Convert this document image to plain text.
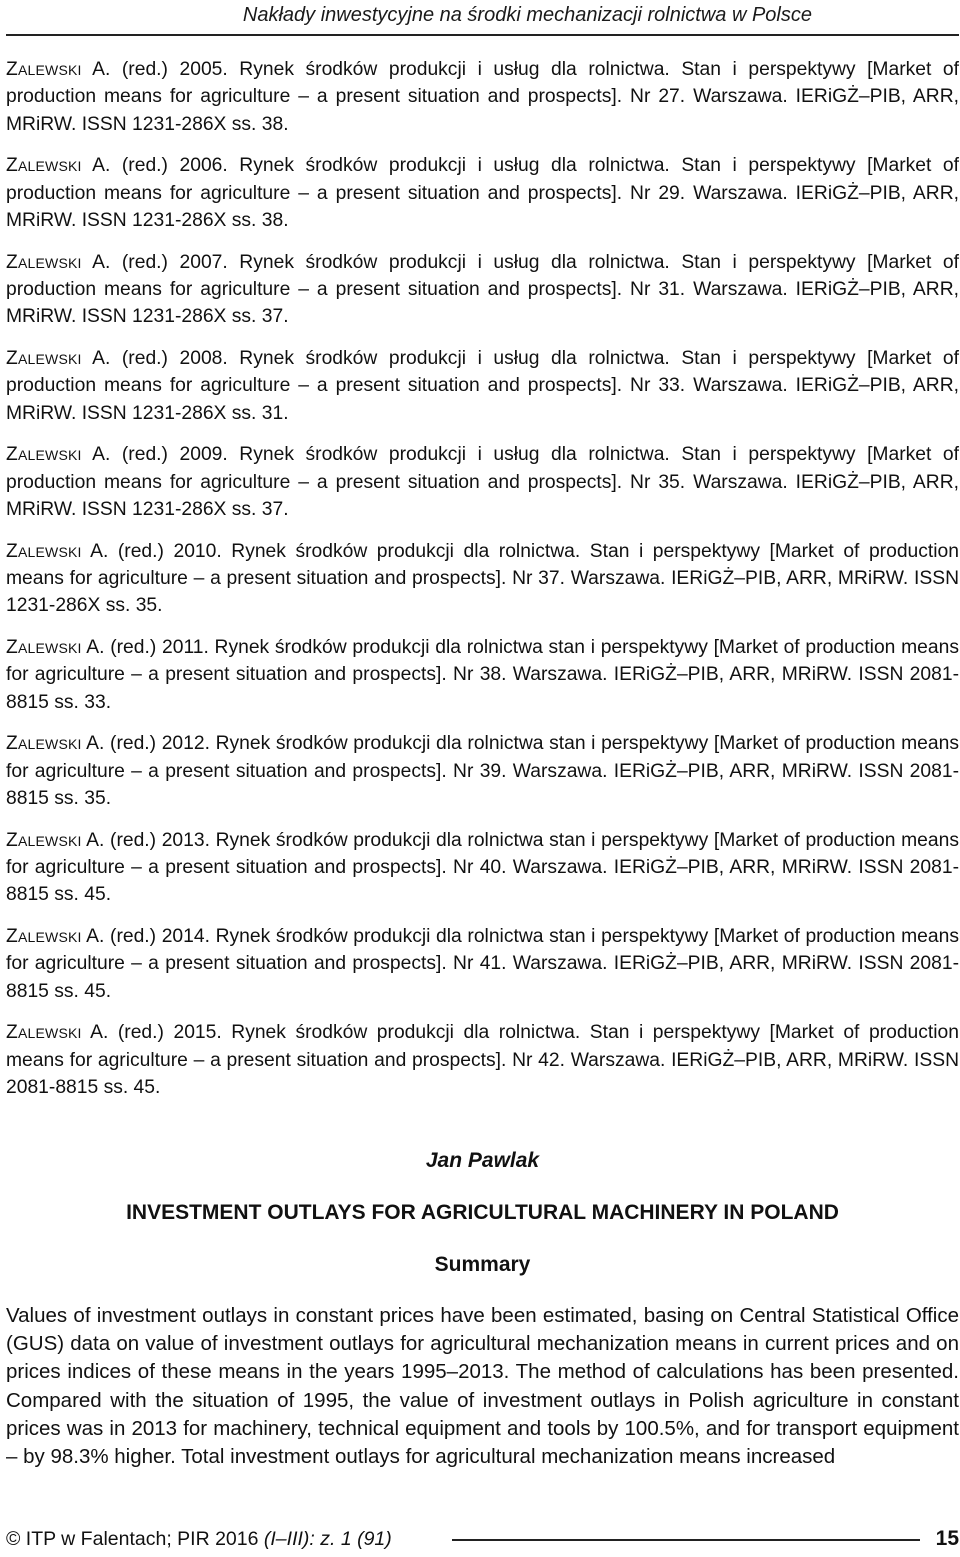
Nakłady inwestycyjne na środki mechanizacji rolnictwa w Polsce

Zalewski A. (red.) 2005. Rynek środków produkcji i usług dla rolnictwa. Stan i perspektywy [Market of production means for agriculture – a present situation and prospects]. Nr 27. Warszawa. IERiGŻ–PIB, ARR, MRiRW. ISSN 1231-286X ss. 38.

Zalewski A. (red.) 2006. Rynek środków produkcji i usług dla rolnictwa. Stan i perspektywy [Market of production means for agriculture – a present situation and prospects]. Nr 29. Warszawa. IERiGŻ–PIB, ARR, MRiRW. ISSN 1231-286X ss. 38.

Zalewski A. (red.) 2007. Rynek środków produkcji i usług dla rolnictwa. Stan i perspektywy [Market of production means for agriculture – a present situation and prospects]. Nr 31. Warszawa. IERiGŻ–PIB, ARR, MRiRW. ISSN 1231-286X ss. 37.

Zalewski A. (red.) 2008. Rynek środków produkcji i usług dla rolnictwa. Stan i perspektywy [Market of production means for agriculture – a present situation and prospects]. Nr 33. Warszawa. IERiGŻ–PIB, ARR, MRiRW. ISSN 1231-286X ss. 31.

Zalewski A. (red.) 2009. Rynek środków produkcji i usług dla rolnictwa. Stan i perspektywy [Market of production means for agriculture – a present situation and prospects]. Nr 35. Warszawa. IERiGŻ–PIB, ARR, MRiRW. ISSN 1231-286X ss. 37.

Zalewski A. (red.) 2010. Rynek środków produkcji dla rolnictwa. Stan i perspektywy [Market of production means for agriculture – a present situation and prospects]. Nr 37. Warszawa. IERiGŻ–PIB, ARR, MRiRW. ISSN 1231-286X ss. 35.

Zalewski A. (red.) 2011. Rynek środków produkcji dla rolnictwa stan i perspektywy [Market of production means for agriculture – a present situation and prospects]. Nr 38. Warszawa. IERiGŻ–PIB, ARR, MRiRW. ISSN 2081-8815 ss. 33.

Zalewski A. (red.) 2012. Rynek środków produkcji dla rolnictwa stan i perspektywy [Market of production means for agriculture – a present situation and prospects]. Nr 39. Warszawa. IERiGŻ–PIB, ARR, MRiRW. ISSN 2081-8815 ss. 35.

Zalewski A. (red.) 2013. Rynek środków produkcji dla rolnictwa stan i perspektywy [Market of production means for agriculture – a present situation and prospects]. Nr 40. Warszawa. IERiGŻ–PIB, ARR, MRiRW. ISSN 2081-8815 ss. 45.

Zalewski A. (red.) 2014. Rynek środków produkcji dla rolnictwa stan i perspektywy [Market of production means for agriculture – a present situation and prospects]. Nr 41. Warszawa. IERiGŻ–PIB, ARR, MRiRW. ISSN 2081-8815 ss. 45.

Zalewski A. (red.) 2015. Rynek środków produkcji dla rolnictwa. Stan i perspektywy [Market of production means for agriculture – a present situation and prospects]. Nr 42. Warszawa. IERiGŻ–PIB, ARR, MRiRW. ISSN 2081-8815 ss. 45.

Jan Pawlak

INVESTMENT OUTLAYS FOR AGRICULTURAL MACHINERY IN POLAND

Summary

Values of investment outlays in constant prices have been estimated, basing on Central Statistical Office (GUS) data on value of investment outlays for agricultural mechanization means in current prices and on prices indices of these means in the years 1995–2013. The method of calculations has been presented. Compared with the situation of 1995, the value of investment outlays in Polish agriculture in constant prices was in 2013 for machinery, technical equipment and tools by 100.5%, and for transport equipment – by 98.3% higher. Total investment outlays for agricultural mechanization means increased

© ITP w Falentach; PIR 2016 (I–III): z. 1 (91)	15
